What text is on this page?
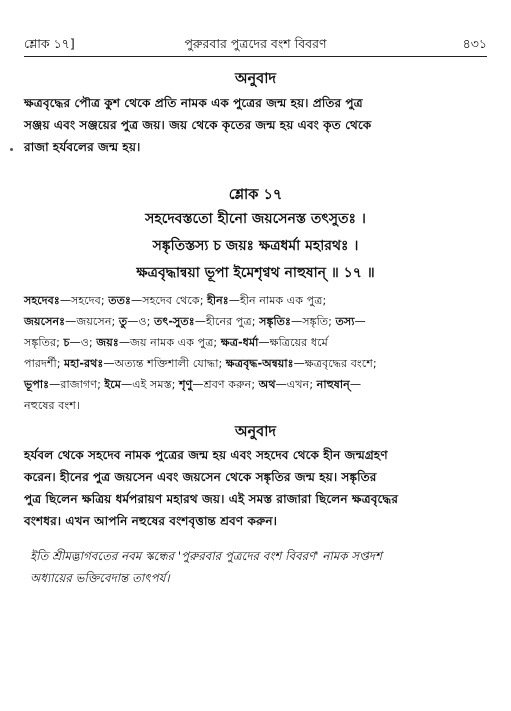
শ্লোক ১৭]	পুরুরবার পুত্রদের বংশ বিবরণ	৪৩১
অনুবাদ
ক্ষত্রবৃদ্ধের পৌত্র কুশ থেকে প্রতি নামক এক পুত্রের জন্ম হয়। প্রতির পুত্র
সঞ্জয় এবং সঞ্জয়ের পুত্র জয়। জয় থেকে কৃতের জন্ম হয় এবং কৃত থেকে
রাজা হর্যবলের জন্ম হয়।
শ্লোক ১৭
সহদেবস্ততো হীনো জয়সেনস্ত তৎসুতঃ ।
সঙ্কৃতিস্তস্য চ জয়ঃ ক্ষত্রধর্মা মহারথঃ ।
ক্ষত্রবৃদ্ধান্বয়া ভূপা ইমেশৃণ্বথ নাহুষান্ ॥ ১৭ ॥
সহদেবঃ—সহদেব; ততঃ—সহদেব থেকে; হীনঃ—হীন নামক এক পুত্র;
জয়সেনঃ—জয়সেন; তু—ও; তৎ-সুতঃ—হীনের পুত্র; সঙ্কৃতিঃ—সঙ্কৃতি; তস্য—
সঙ্কৃতির; চ—ও; জয়ঃ—জয় নামক এক পুত্র; ক্ষত্র-ধর্মা—ক্ষত্রিয়ের ধর্মে
পারদর্শী; মহা-রথঃ—অত্যন্ত শক্তিশালী যোদ্ধা; ক্ষত্রবৃদ্ধ-অন্বয়াঃ—ক্ষত্রবৃদ্ধের বংশে;
ভূপাঃ—রাজাগণ; ইমে—এই সমস্ত; শৃণু—শ্রবণ করুন; অথ—এখন; নাহুষান্—
নহুষের বংশ।
অনুবাদ
হর্যবল থেকে সহদেব নামক পুত্রের জন্ম হয় এবং সহদেব থেকে হীন জন্মগ্রহণ
করেন। হীনের পুত্র জয়সেন এবং জয়সেন থেকে সঙ্কৃতির জন্ম হয়। সঙ্কৃতির
পুত্র ছিলেন ক্ষত্রিয় ধর্মপরায়ণ মহারথ জয়। এই সমস্ত রাজারা ছিলেন ক্ষত্রবৃদ্ধের
বংশধর। এখন আপনি নহুষের বংশবৃত্তান্ত শ্রবণ করুন।
ইতি শ্রীমদ্ভাগবতের নবম স্কন্ধের 'পুরুরবার পুত্রদের বংশ বিবরণ' নামক সপ্তদশ
অধ্যায়ের ভক্তিবেদান্ত তাৎপর্য।
